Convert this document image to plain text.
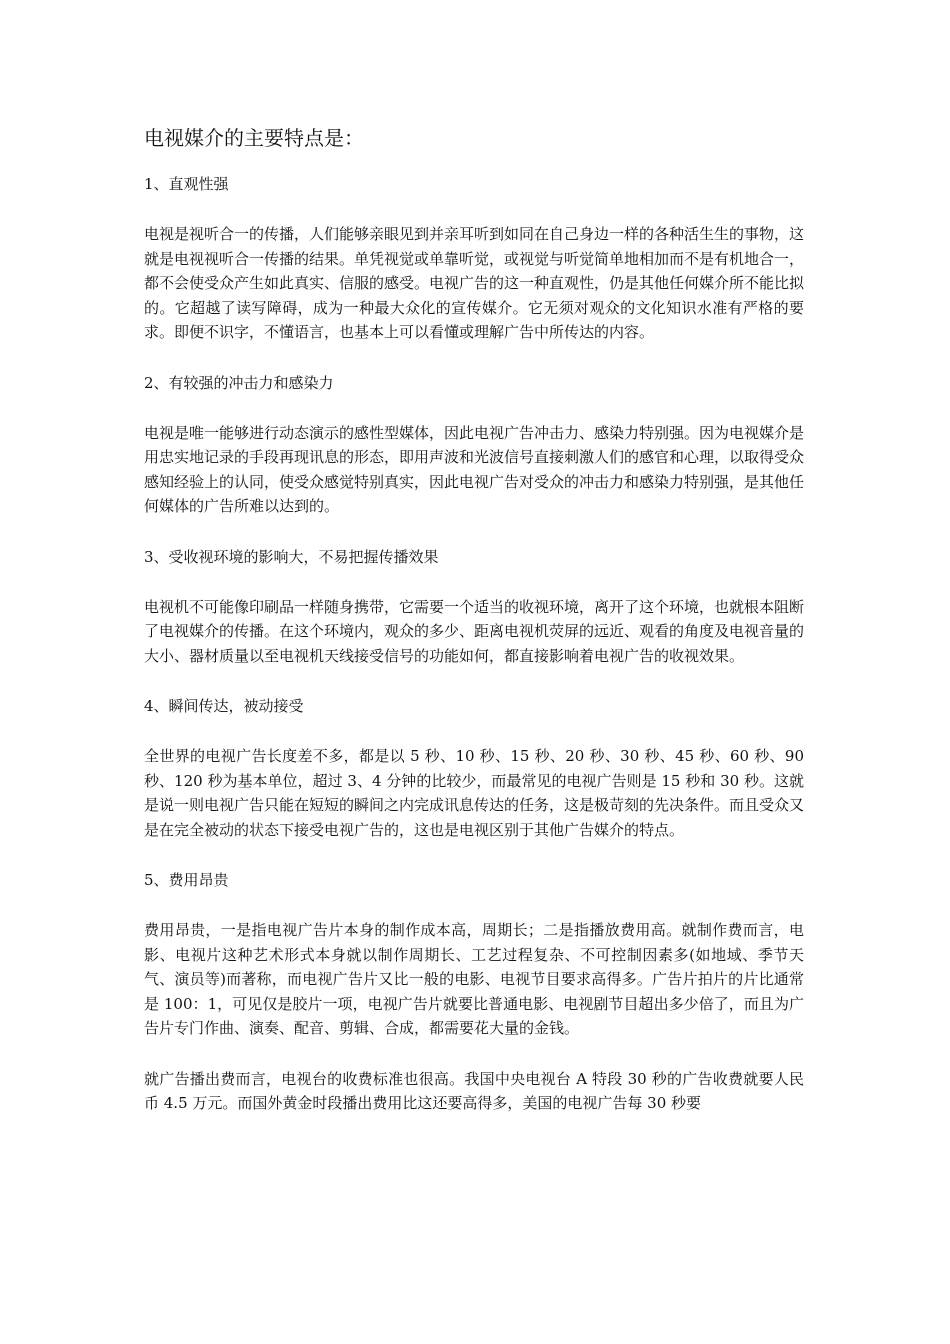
电视媒介的主要特点是：
1、直观性强

电视是视听合一的传播，人们能够亲眼见到并亲耳听到如同在自己身边一样的各种活生生的事物，这就是电视视听合一传播的结果。单凭视觉或单靠听觉，或视觉与听觉简单地相加而不是有机地合一，都不会使受众产生如此真实、信服的感受。电视广告的这一种直观性，仍是其他任何媒介所不能比拟的。它超越了读写障碍，成为一种最大众化的宣传媒介。它无须对观众的文化知识水准有严格的要求。即便不识字，不懂语言，也基本上可以看懂或理解广告中所传达的内容。

2、有较强的冲击力和感染力

电视是唯一能够进行动态演示的感性型媒体，因此电视广告冲击力、感染力特别强。因为电视媒介是用忠实地记录的手段再现讯息的形态，即用声波和光波信号直接刺激人们的感官和心理，以取得受众感知经验上的认同，使受众感觉特别真实，因此电视广告对受众的冲击力和感染力特别强，是其他任何媒体的广告所难以达到的。

3、受收视环境的影响大，不易把握传播效果

电视机不可能像印刷品一样随身携带，它需要一个适当的收视环境，离开了这个环境，也就根本阻断了电视媒介的传播。在这个环境内，观众的多少、距离电视机荧屏的远近、观看的角度及电视音量的大小、器材质量以至电视机天线接受信号的功能如何，都直接影响着电视广告的收视效果。

4、瞬间传达，被动接受

全世界的电视广告长度差不多，都是以 5 秒、10 秒、15 秒、20 秒、30 秒、45 秒、60 秒、90 秒、120 秒为基本单位，超过 3、4 分钟的比较少，而最常见的电视广告则是 15 秒和 30 秒。这就是说一则电视广告只能在短短的瞬间之内完成讯息传达的任务，这是极苛刻的先决条件。而且受众又是在完全被动的状态下接受电视广告的，这也是电视区别于其他广告媒介的特点。

5、费用昂贵

费用昂贵，一是指电视广告片本身的制作成本高，周期长；二是指播放费用高。就制作费而言，电影、电视片这种艺术形式本身就以制作周期长、工艺过程复杂、不可控制因素多(如地域、季节天气、演员等)而著称，而电视广告片又比一般的电影、电视节目要求高得多。广告片拍片的片比通常是 100：1，可见仅是胶片一项，电视广告片就要比普通电影、电视剧节目超出多少倍了，而且为广告片专门作曲、演奏、配音、剪辑、合成，都需要花大量的金钱。

就广告播出费而言，电视台的收费标准也很高。我国中央电视台 A 特段 30 秒的广告收费就要人民币 4.5 万元。而国外黄金时段播出费用比这还要高得多，美国的电视广告每 30 秒要
